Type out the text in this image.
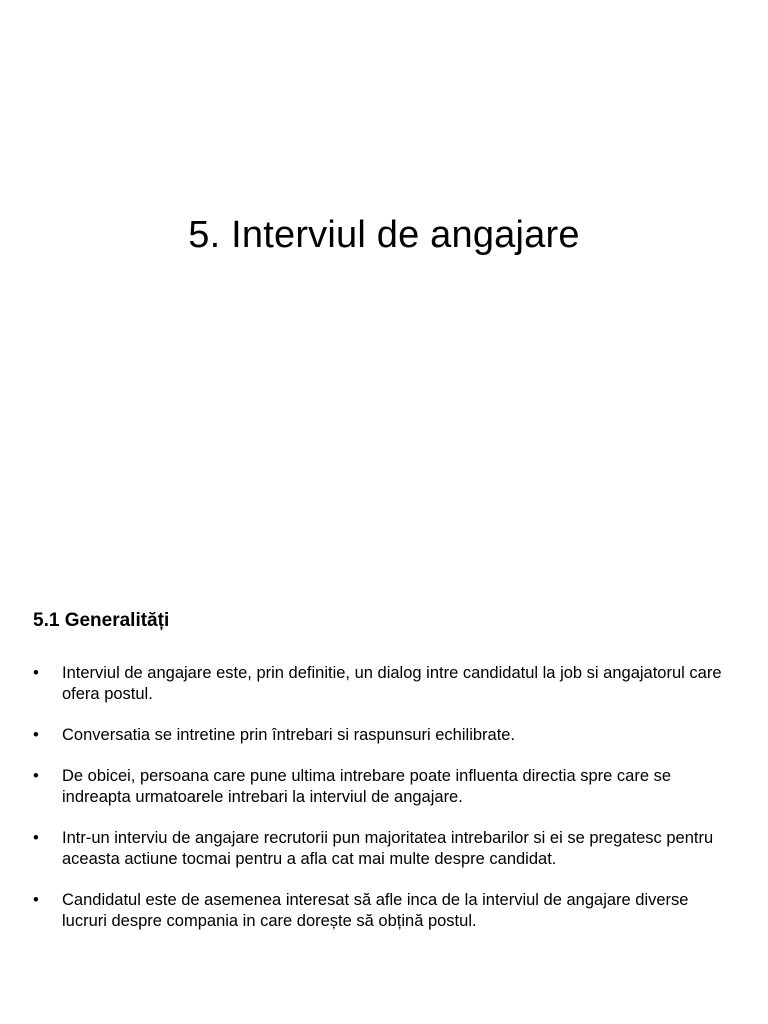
5. Interviul de angajare
5.1 Generalități
•	Interviul de angajare este, prin definitie, un dialog intre candidatul la job si angajatorul care ofera postul.
•	Conversatia se intretine prin întrebari si raspunsuri echilibrate.
•	De obicei, persoana care pune ultima intrebare poate influenta directia spre care se indreapta urmatoarele intrebari la interviul de angajare.
•	Intr-un interviu de angajare recrutorii pun majoritatea intrebarilor si ei se pregatesc pentru aceasta actiune tocmai pentru a afla cat mai multe despre candidat.
•	Candidatul este de asemenea interesat să afle inca de la interviul de angajare diverse lucruri despre compania in care dorește să obțină postul.
